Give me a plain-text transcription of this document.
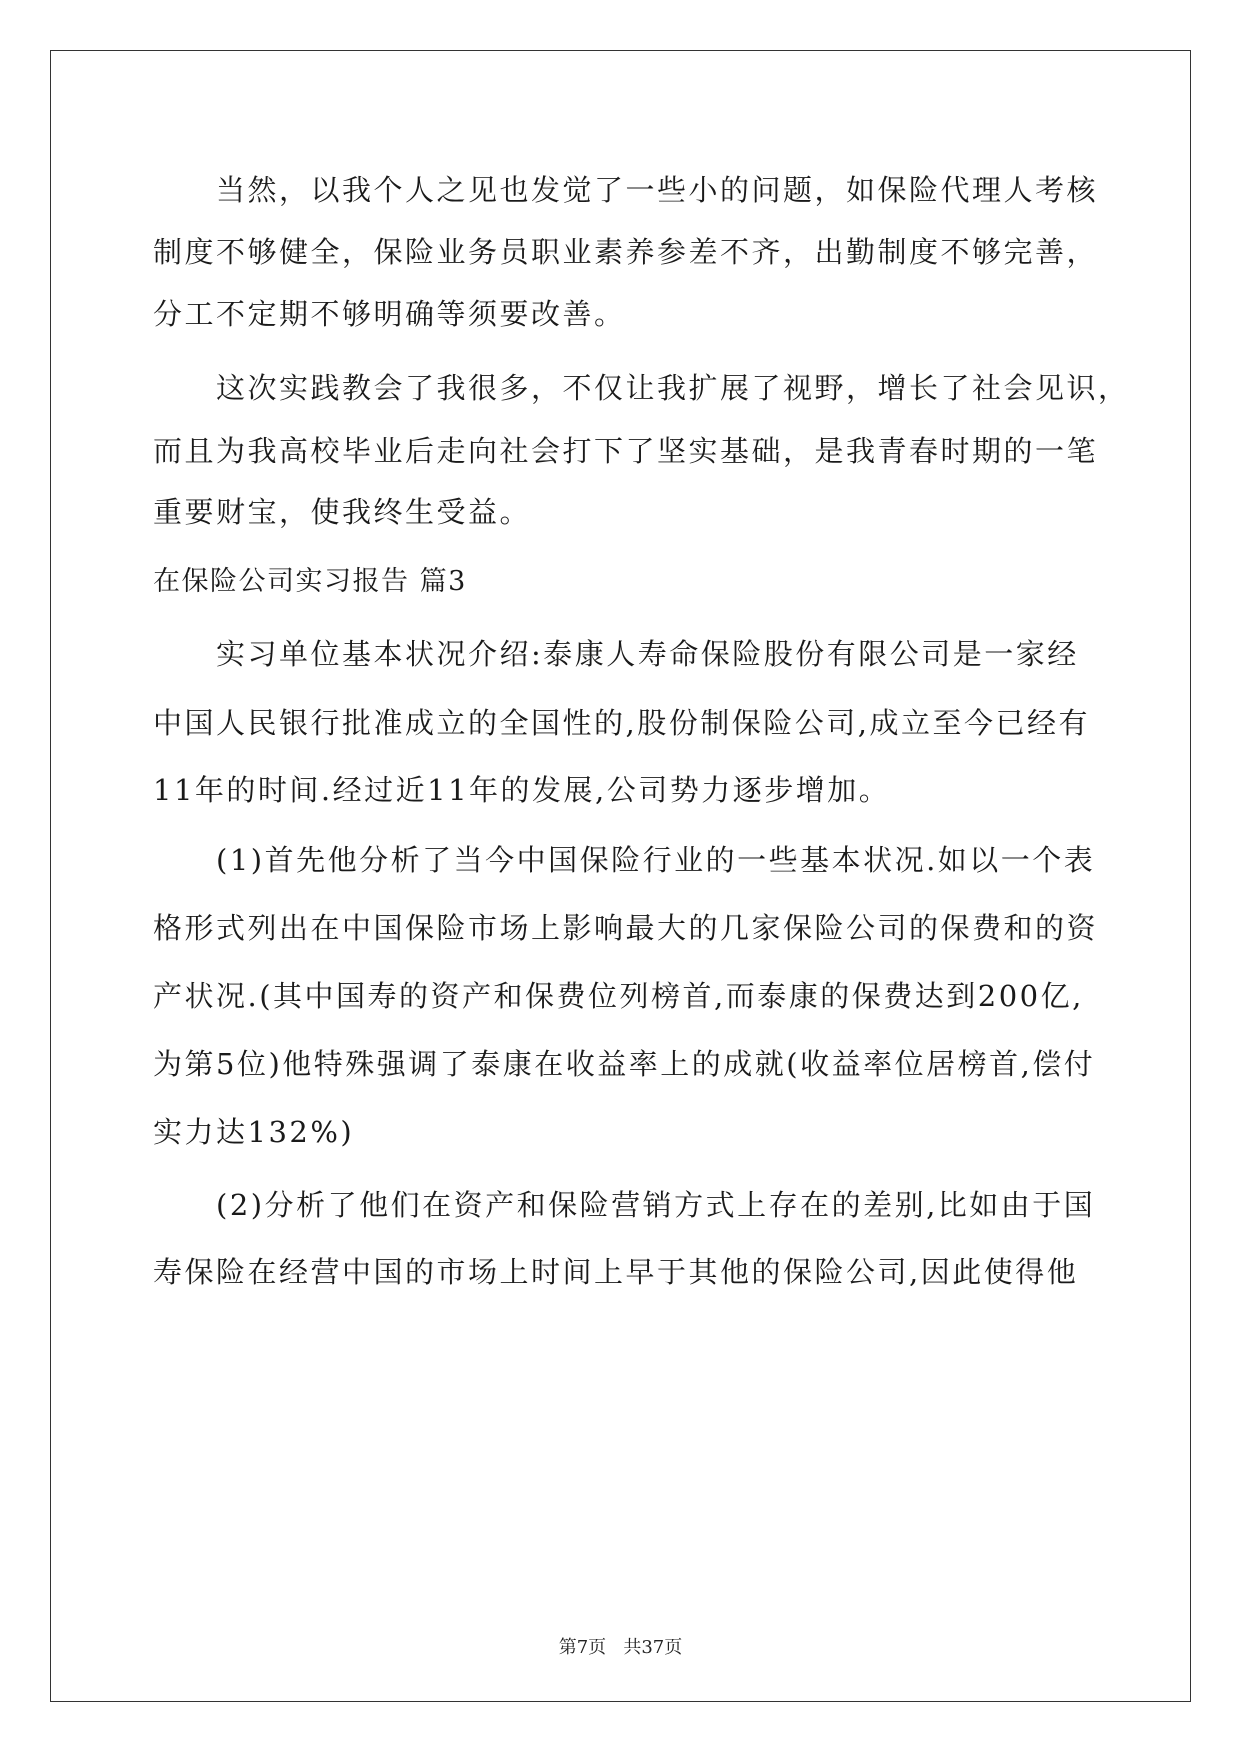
当然，以我个人之见也发觉了一些小的问题，如保险代理人考核
制度不够健全，保险业务员职业素养参差不齐，出勤制度不够完善，
分工不定期不够明确等须要改善。
这次实践教会了我很多，不仅让我扩展了视野，增长了社会见识，
而且为我高校毕业后走向社会打下了坚实基础，是我青春时期的一笔
重要财宝，使我终生受益。
在保险公司实习报告 篇3
实习单位基本状况介绍:泰康人寿命保险股份有限公司是一家经
中国人民银行批准成立的全国性的,股份制保险公司,成立至今已经有
11年的时间.经过近11年的发展,公司势力逐步增加。
(1)首先他分析了当今中国保险行业的一些基本状况.如以一个表
格形式列出在中国保险市场上影响最大的几家保险公司的保费和的资
产状况.(其中国寿的资产和保费位列榜首,而泰康的保费达到200亿,
为第5位)他特殊强调了泰康在收益率上的成就(收益率位居榜首,偿付
实力达132%)
(2)分析了他们在资产和保险营销方式上存在的差别,比如由于国
寿保险在经营中国的市场上时间上早于其他的保险公司,因此使得他
第7页   共37页
